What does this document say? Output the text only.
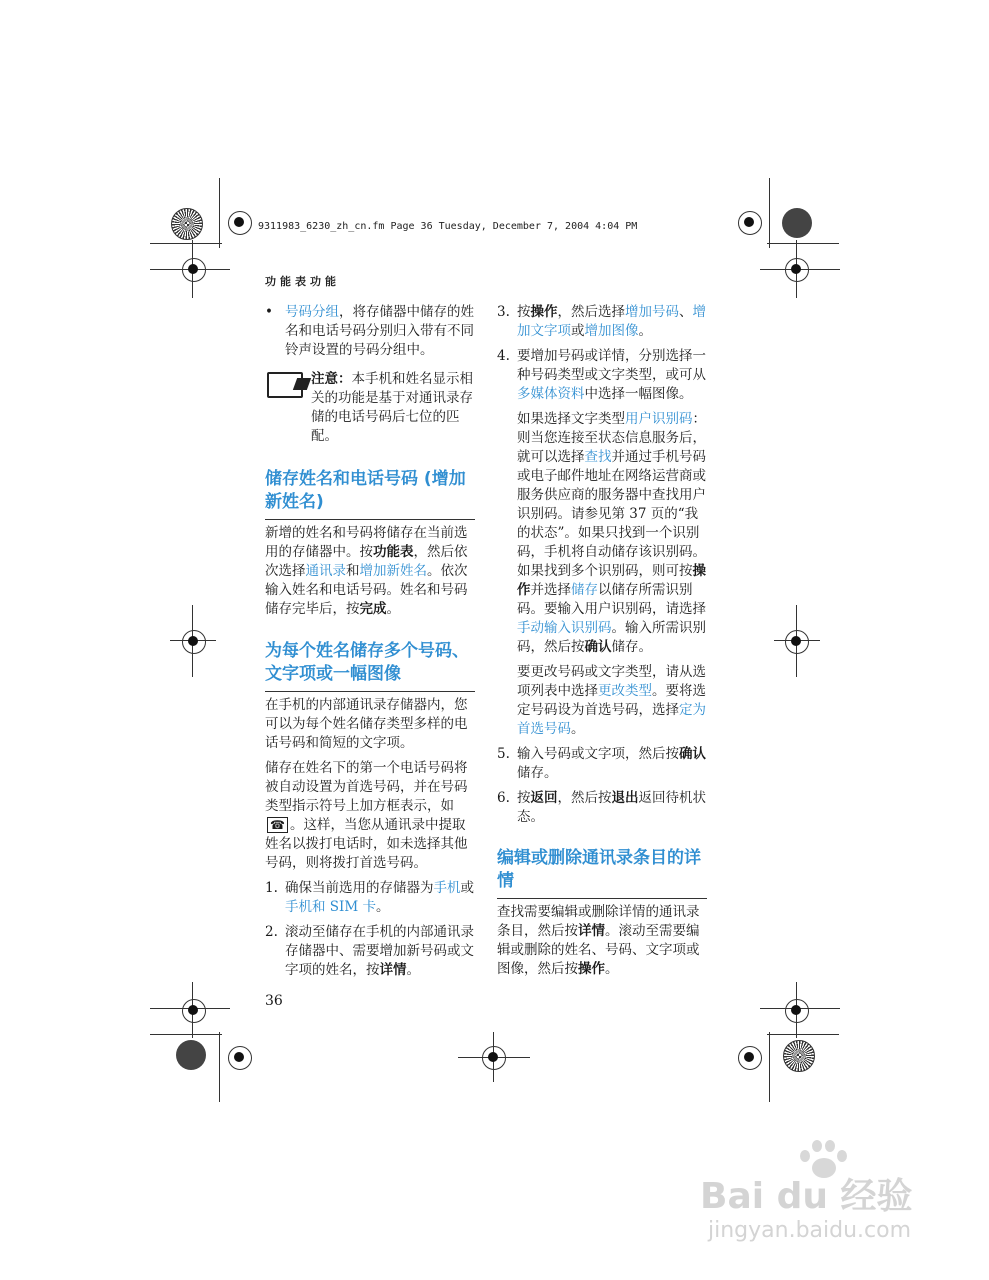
9311983_6230_zh_cn.fm Page 36 Tuesday, December 7, 2004 4:04 PM
功能表功能
• 号码分组，将存储器中储存的姓名和电话号码分别归入带有不同铃声设置的号码分组中。
注意：本手机和姓名显示相关的功能是基于对通讯录存储的电话号码后七位的匹配。
储存姓名和电话号码 (增加新姓名)

新增的姓名和号码将储存在当前选用的存储器中。按功能表，然后依次选择通讯录和增加新姓名。依次输入姓名和电话号码。姓名和号码储存完毕后，按完成。

为每个姓名储存多个号码、文字项或一幅图像

在手机的内部通讯录存储器内，您可以为每个姓名储存类型多样的电话号码和简短的文字项。

储存在姓名下的第一个电话号码将被自动设置为首选号码，并在号码类型指示符号上加方框表示，如☎ 。这样，当您从通讯录中提取姓名以拨打电话时，如未选择其他号码，则将拨打首选号码。

1. 确保当前选用的存储器为手机或手机和 SIM 卡。
2. 滚动至储存在手机的内部通讯录存储器中、需要增加新号码或文字项的姓名，按详情。
36
3. 按操作，然后选择增加号码、增加文字项或增加图像。
4. 要增加号码或详情，分别选择一种号码类型或文字类型，或可从多媒体资料中选择一幅图像。

如果选择文字类型用户识别码：则当您连接至状态信息服务后，就可以选择查找并通过手机号码或电子邮件地址在网络运营商或服务供应商的服务器中查找用户识别码。请参见第 37 页的“我的状态”。如果只找到一个识别码，手机将自动储存该识别码。如果找到多个识别码，则可按操作并选择储存以储存所需识别码。要输入用户识别码，请选择手动输入识别码。输入所需识别码，然后按确认储存。

要更改号码或文字类型，请从选项列表中选择更改类型。要将选定号码设为首选号码，选择定为首选号码。

5. 输入号码或文字项，然后按确认储存。
6. 按返回，然后按退出返回待机状态。
编辑或删除通讯录条目的详情

查找需要编辑或删除详情的通讯录条目，然后按详情。滚动至需要编辑或删除的姓名、号码、文字项或图像，然后按操作。

Bai du 经验
jingyan.baidu.com
